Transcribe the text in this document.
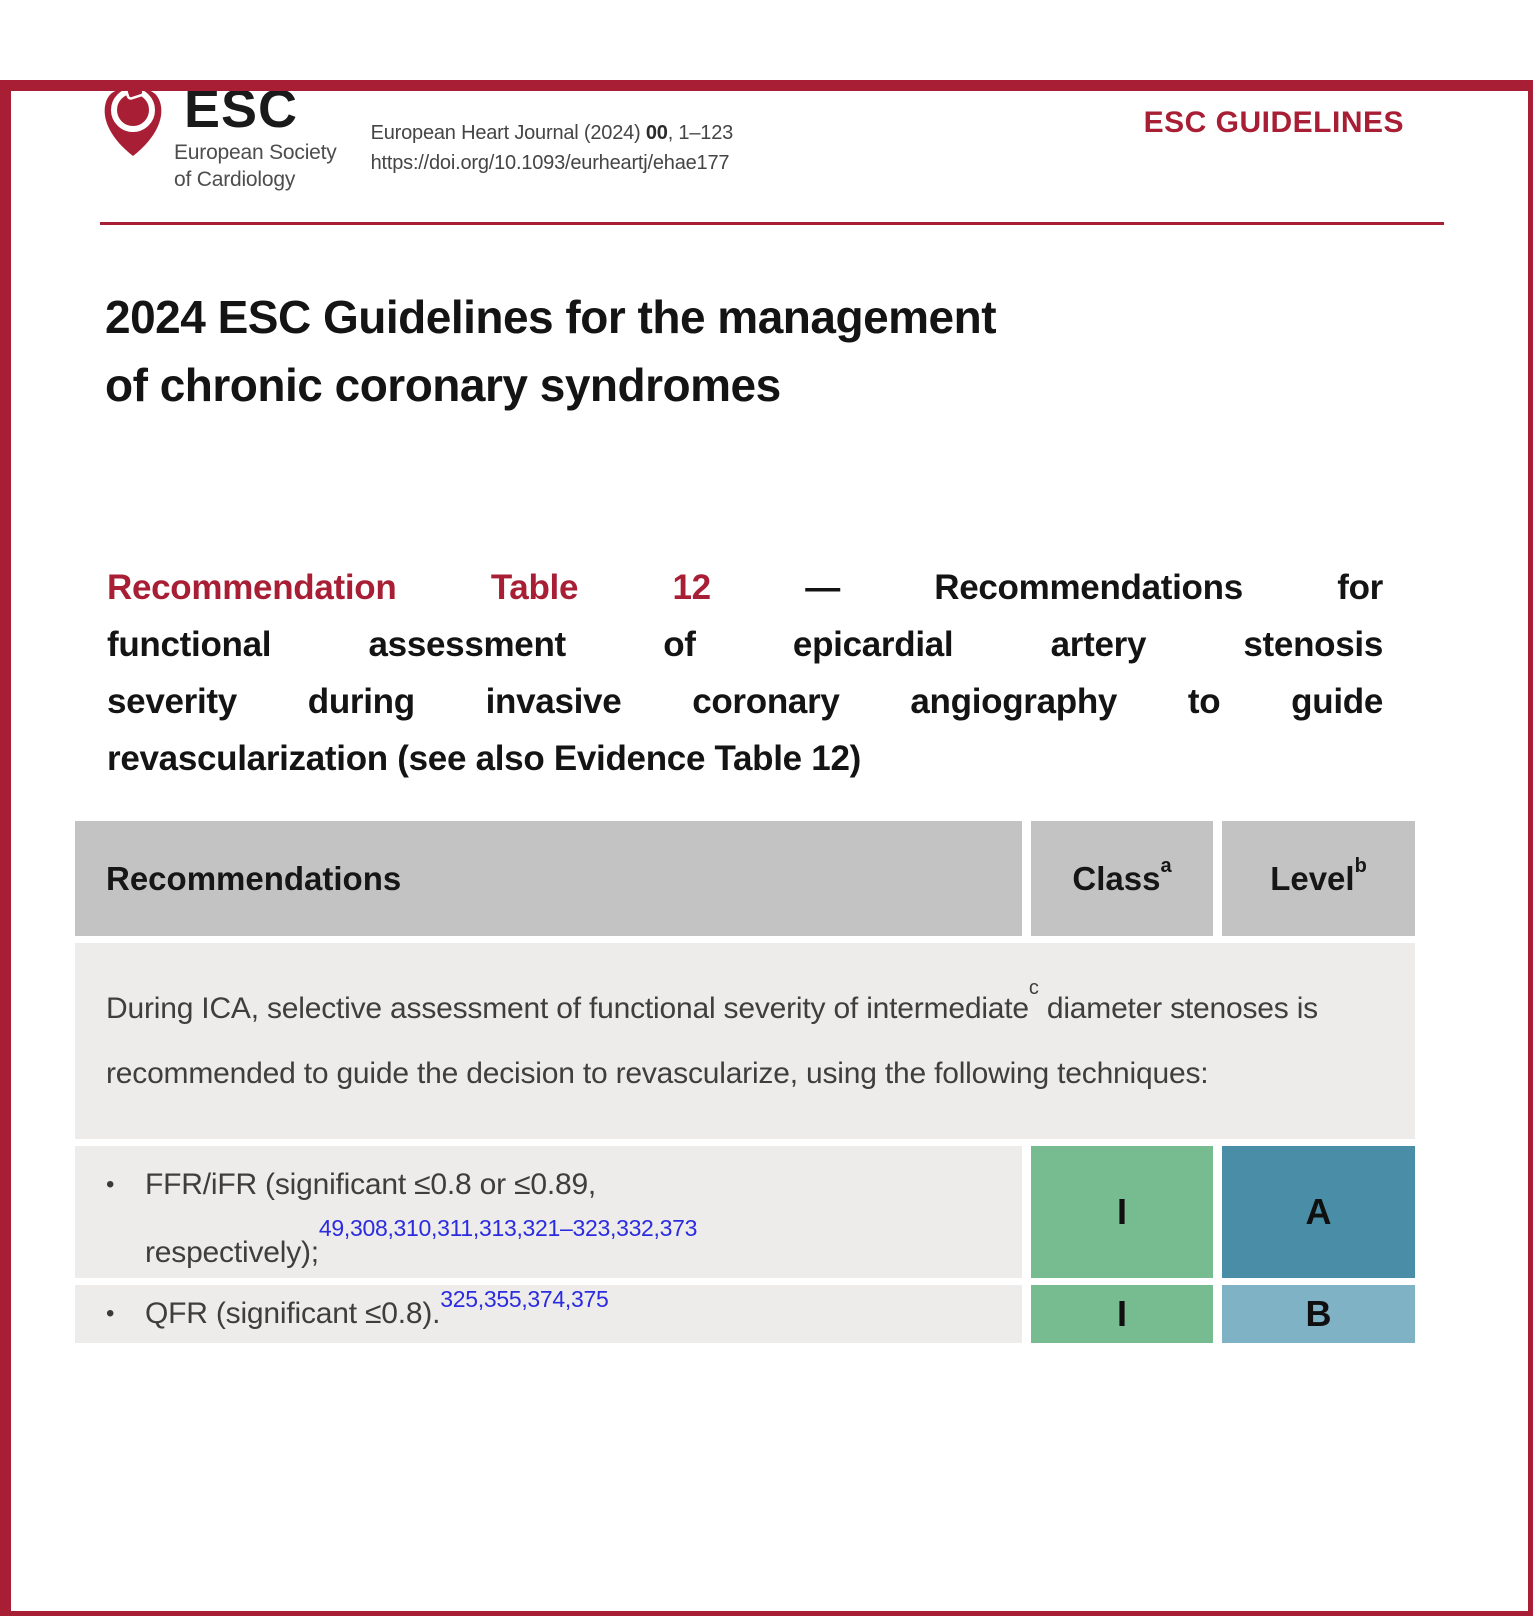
ESC
European Society
of Cardiology
European Heart Journal (2024) 00, 1–123
https://doi.org/10.1093/eurheartj/ehae177
ESC GUIDELINES
2024 ESC Guidelines for the management
of chronic coronary syndromes
Recommendation Table 12 — Recommendations for
functional assessment of epicardial artery stenosis
severity during invasive coronary angiography to guide
revascularization (see also Evidence Table 12)
Recommendations	Class$^a$	Level$^b$
During ICA, selective assessment of functional severity of intermediate$^c$ diameter stenoses is recommended to guide the decision to revascularize, using the following techniques:
• FFR/iFR (significant ≤0.8 or ≤0.89,
respectively);$^{49,308,310,311,313,321-323,332,373}$	I	A
•	QFR (significant ≤0.8).$^{325,355,374,375}$	I	B
